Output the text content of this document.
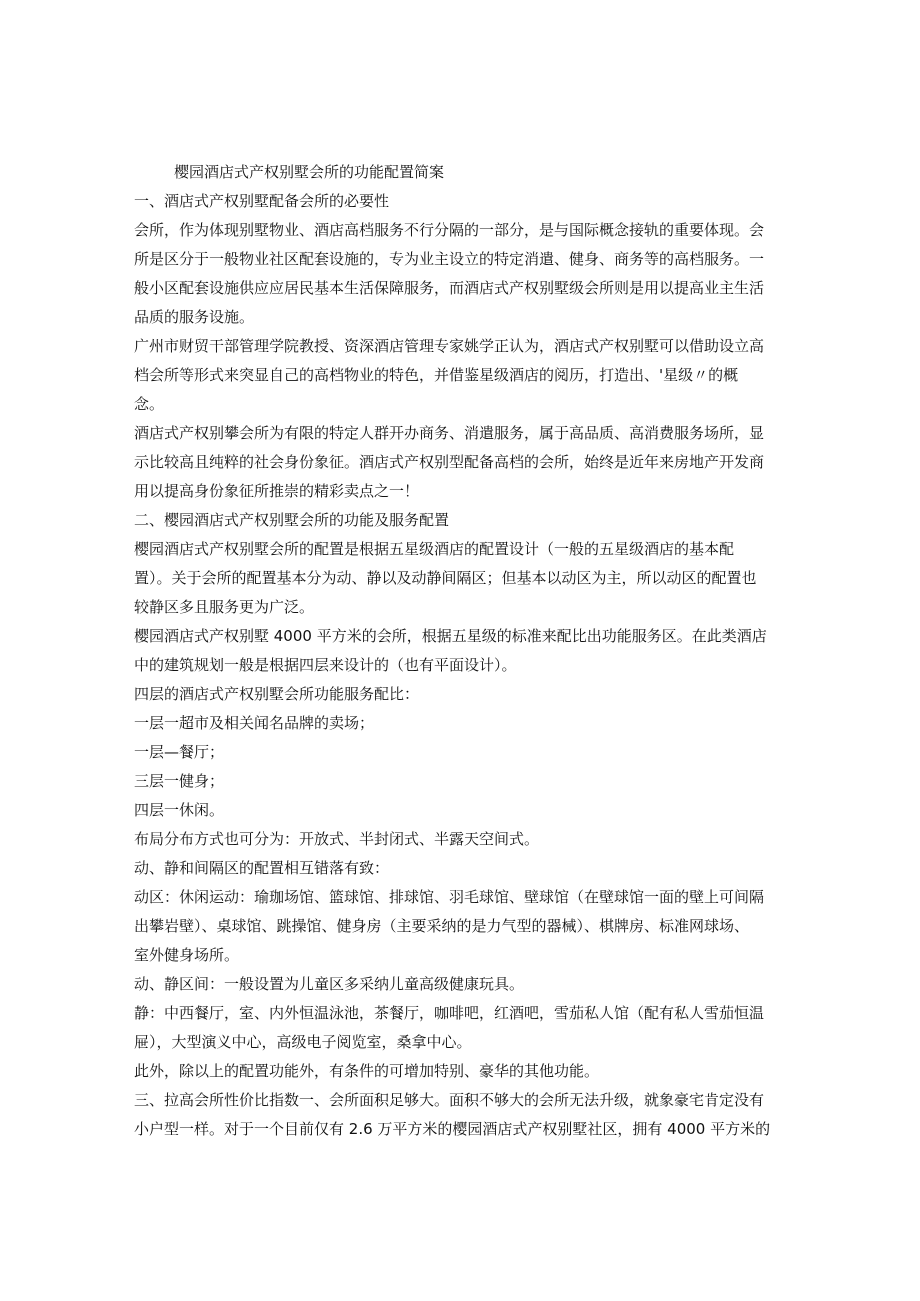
樱园酒店式产权别墅会所的功能配置简案

一、酒店式产权别墅配备会所的必要性

会所，作为体现别墅物业、酒店高档服务不行分隔的一部分，是与国际概念接轨的重要体现。会
所是区分于一般物业社区配套设施的，专为业主设立的特定消遣、健身、商务等的高档服务。一
般小区配套设施供应应居民基本生活保障服务，而酒店式产权别墅级会所则是用以提高业主生活
品质的服务设施。

广州市财贸干部管理学院教授、资深酒店管理专家姚学正认为，酒店式产权别墅可以借助设立高
档会所等形式来突显自己的高档物业的特色，并借鉴星级酒店的阅历，打造出、'星级〃的概
念。

酒店式产权别攀会所为有限的特定人群开办商务、消遣服务，属于高品质、高消费服务场所，显
示比较高且纯粹的社会身份象征。酒店式产权别型配备高档的会所，始终是近年来房地产开发商
用以提高身份象征所推崇的精彩卖点之一！

二、樱园酒店式产权别墅会所的功能及服务配置

樱园酒店式产权别墅会所的配置是根据五星级酒店的配置设计（一般的五星级酒店的基本配
置）。关于会所的配置基本分为动、静以及动静间隔区；但基本以动区为主，所以动区的配置也
较静区多且服务更为广泛。

樱园酒店式产权别墅 4000 平方米的会所，根据五星级的标准来配比出功能服务区。在此类酒店
中的建筑规划一般是根据四层来设计的（也有平面设计）。

四层的酒店式产权别墅会所功能服务配比：

一层一超市及相关闻名品牌的卖场；

一层—餐厅；

三层一健身；

四层一休闲。

布局分布方式也可分为：开放式、半封闭式、半露天空间式。

动、静和间隔区的配置相互错落有致：

动区：休闲运动：瑜珈场馆、篮球馆、排球馆、羽毛球馆、壁球馆（在壁球馆一面的壁上可间隔
出攀岩壁）、桌球馆、跳操馆、健身房（主要采纳的是力气型的器械）、棋牌房、标准网球场、
室外健身场所。

动、静区间：一般设置为儿童区多采纳儿童高级健康玩具。

静：中西餐厅，室、内外恒温泳池，茶餐厅，咖啡吧，红酒吧，雪茄私人馆（配有私人雪茄恒温
屉），大型演义中心，高级电子阅览室，桑拿中心。

此外，除以上的配置功能外，有条件的可增加特别、豪华的其他功能。

三、拉高会所性价比指数一、会所面积足够大。面积不够大的会所无法升级，就象豪宅肯定没有
小户型一样。对于一个目前仅有 2.6 万平方米的樱园酒店式产权别墅社区，拥有 4000 平方米的
